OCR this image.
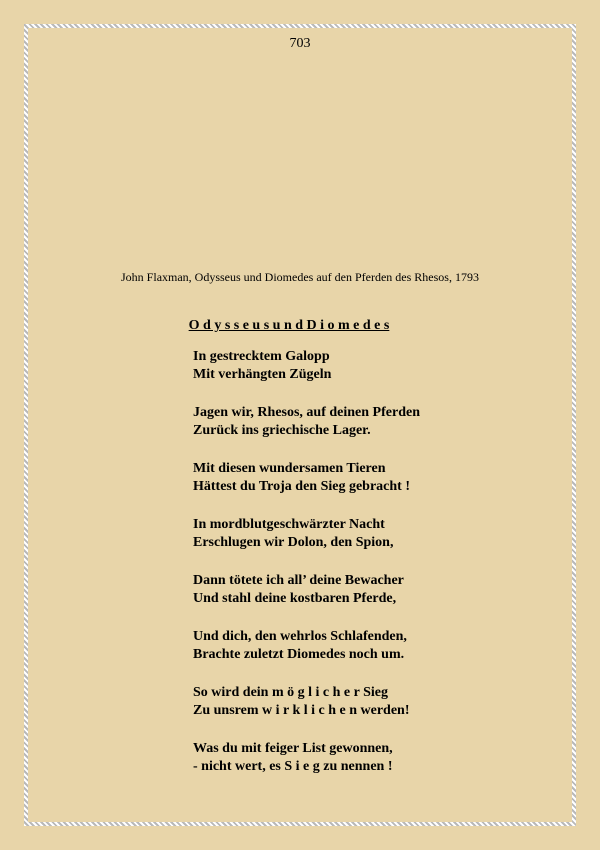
703
John Flaxman, Odysseus und Diomedes auf den Pferden des Rhesos, 1793
O d y s s e u s u n d D i o m e d e s
In gestrecktem Galopp
Mit verhängten Zügeln
Jagen wir, Rhesos, auf deinen Pferden
Zurück ins griechische Lager.
Mit diesen wundersamen Tieren
Hättest du Troja den Sieg gebracht !
In mordblutgeschwärzter Nacht
Erschlugen wir Dolon, den Spion,
Dann tötete ich all’ deine Bewacher
Und stahl deine kostbaren Pferde,
Und dich, den wehrlos Schlafenden,
Brachte zuletzt Diomedes noch um.
So wird dein m ö g l i c h e r Sieg
Zu unsrem w i r k l i c h e n werden!
Was du mit feiger List gewonnen,
- nicht wert, es S i e g zu nennen !
